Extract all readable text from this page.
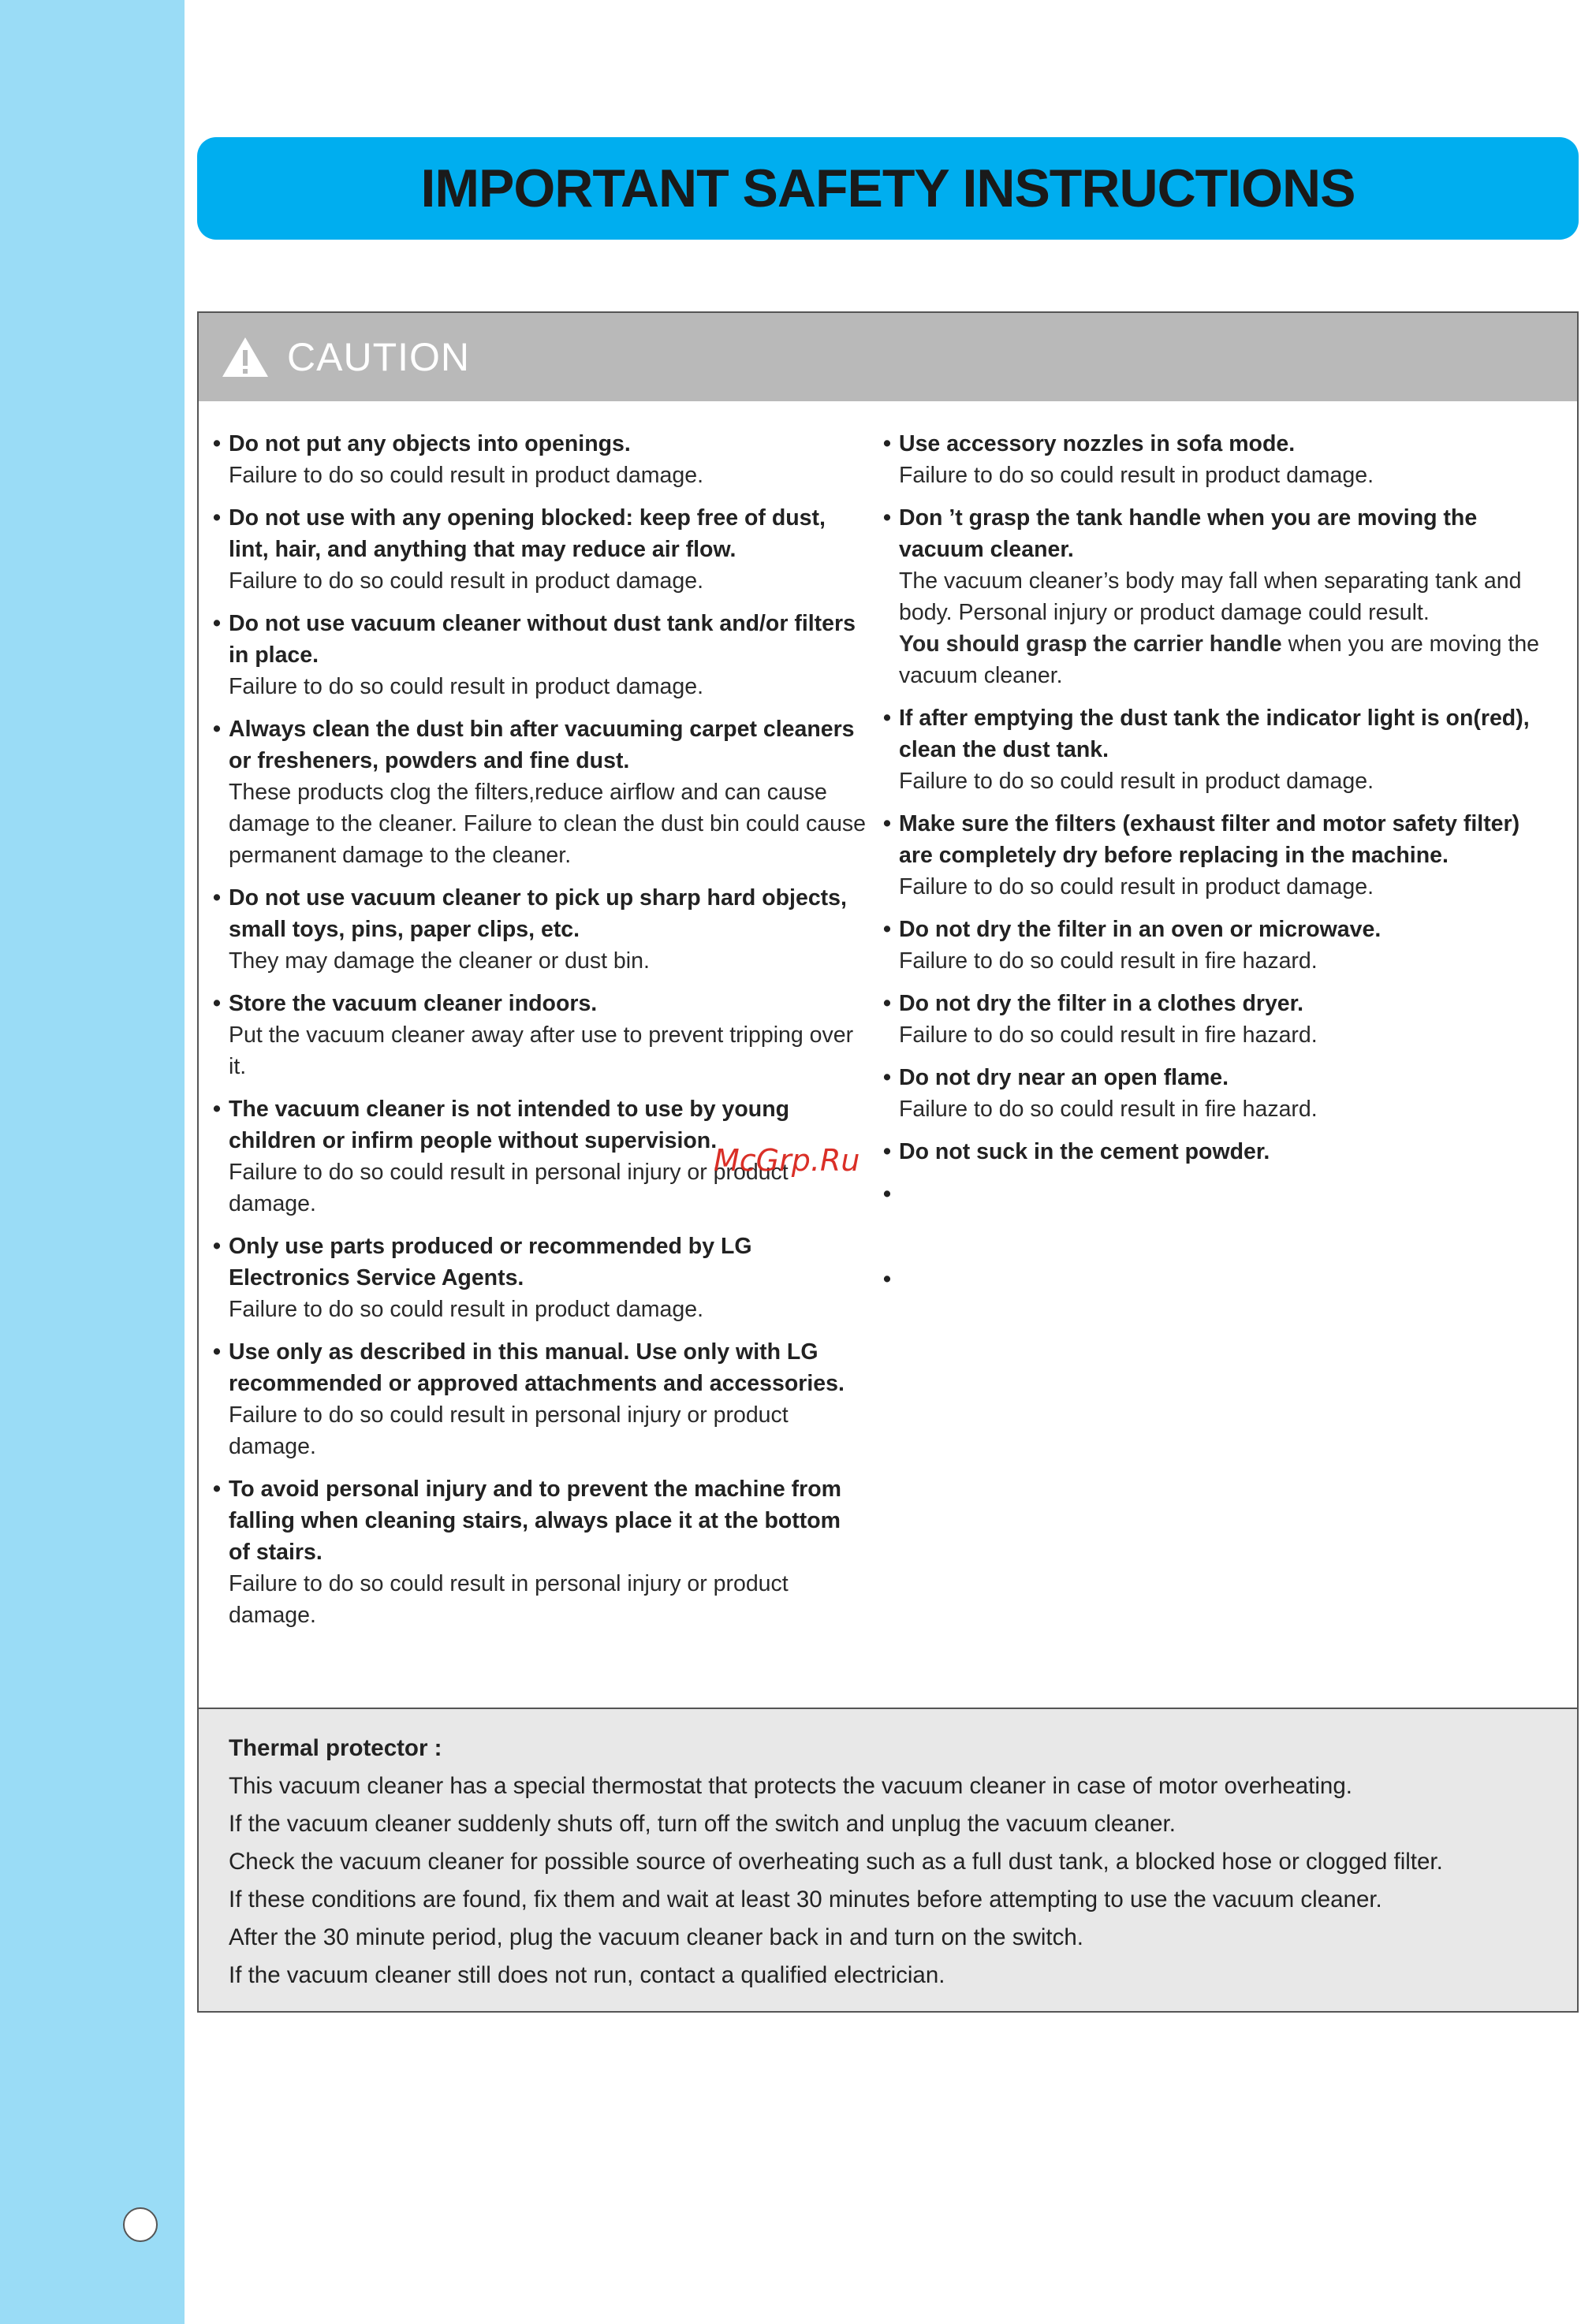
IMPORTANT SAFETY INSTRUCTIONS
CAUTION
• Do not put any objects into openings.
Failure to do so could result in product damage.
• Do not use with any opening blocked: keep free of dust, lint, hair, and anything that may reduce air flow.
Failure to do so could result in product damage.
• Do not use vacuum cleaner without dust tank and/or filters in place.
Failure to do so could result in product damage.
• Always clean the dust bin after vacuuming carpet cleaners or fresheners, powders and fine dust.
These products clog the filters,reduce airflow and can cause damage to the cleaner. Failure to clean the dust bin could cause permanent damage to the cleaner.
• Do not use vacuum cleaner to pick up sharp hard objects, small toys, pins, paper clips, etc.
They may damage the cleaner or dust bin.
• Store the vacuum cleaner indoors.
Put the vacuum cleaner away after use to prevent tripping over it.
• The vacuum cleaner is not intended to use by young children or infirm people without supervision.
Failure to do so could result in personal injury or product damage.
• Only use parts produced or recommended by LG Electronics Service Agents.
Failure to do so could result in product damage.
• Use only as described in this manual. Use only with LG recommended or approved attachments and accessories.
Failure to do so could result in personal injury or product damage.
• To avoid personal injury and to prevent the machine from falling when cleaning stairs, always place it at the bottom of stairs.
Failure to do so could result in personal injury or product damage.
• Use accessory nozzles in sofa mode.
Failure to do so could result in product damage.
• Don ’t grasp the tank handle when you are moving the vacuum cleaner.
The vacuum cleaner’s body may fall when separating tank and body. Personal injury or product damage could result.
You should grasp the carrier handle when you are moving the vacuum cleaner.
• If after emptying the dust tank the indicator light is on(red), clean the dust tank.
Failure to do so could result in product damage.
• Make sure the filters (exhaust filter and motor safety filter) are completely dry before replacing in the machine.
Failure to do so could result in product damage.
• Do not dry the filter in an oven or microwave.
Failure to do so could result in fire hazard.
• Do not dry the filter in a clothes dryer.
Failure to do so could result in fire hazard.
• Do not dry near an open flame.
Failure to do so could result in fire hazard.
• Do not suck in the cement powder.
•
•
Thermal protector :
This vacuum cleaner has a special thermostat that protects the vacuum cleaner in case of motor overheating.
If the vacuum cleaner suddenly shuts off, turn off the switch and unplug the vacuum cleaner.
Check the vacuum cleaner for possible source of overheating such as a full dust tank, a blocked hose or clogged filter.
If these conditions are found, fix them and wait at least 30 minutes before attempting to use the vacuum cleaner.
After the 30 minute period, plug the vacuum cleaner back in and turn on the switch.
If the vacuum cleaner still does not run, contact a qualified electrician.
McGrp.Ru
